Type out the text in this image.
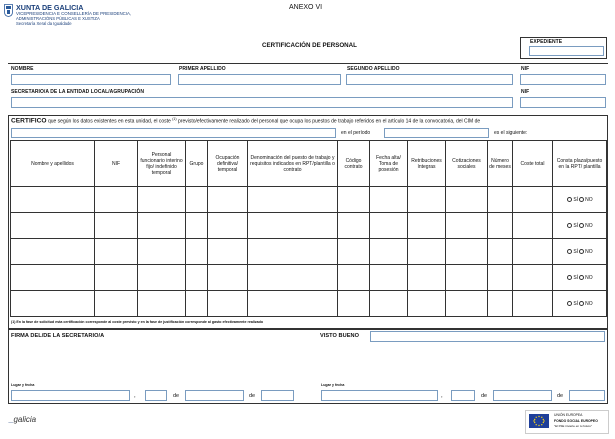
XUNTA DE GALICIA
VICEPRESIDENCIA E CONSELLERÍA DE PRESIDENCIA,
ADMINISTRACIÓNS PÚBLICAS E XUSTIZA
Secretaría Xeral da Igualdade
ANEXO VI
CERTIFICACIÓN DE PERSONAL	EXPEDIENTE
NOMBRE	PRIMER APELLIDO	SEGUNDO APELLIDO	NIF
SECRETARIO/A DE LA ENTIDAD LOCAL/AGRUPACIÓN	NIF
CERTIFICO que según los datos existentes en esta unidad, el coste $^{(1)}$ previsto/efectivamente realizado del personal que ocupa los puestos de trabajo referidos en el artículo 14 de la convocatoria, del CIM de
en el período	es el siguiente:
Nombre y apellidos	NIF	Personal funcionario interino fijo/ indefinido temporal	Grupo	Ocupación definitiva/ temporal	Denominación del puesto de trabajo y requisitos indicados en RPT/plantilla o contrato	Código contrato	Fecha alta/ Toma de posesión	Retribuciones íntegras	Cotizaciones sociales	Número de meses	Coste total	Consta plaza/puesto en la RPT/ plantilla
												SÍ NO
												SÍ NO
												SÍ NO
												SÍ NO
												SÍ NO
(1) En la fase de solicitud esta certificación corresponde al coste previsto y en la fase de justificación corresponde al gasto efectivamente realizado
FIRMA DEL/DE LA SECRETARIO/A	VISTO BUENO
Lugar y fecha
,	de	de
Lugar y fecha
,	de	de
_galicia	UNIÓN EUROPEA
FONDO SOCIAL EUROPEO
"El FSE invierte en tu futuro"
